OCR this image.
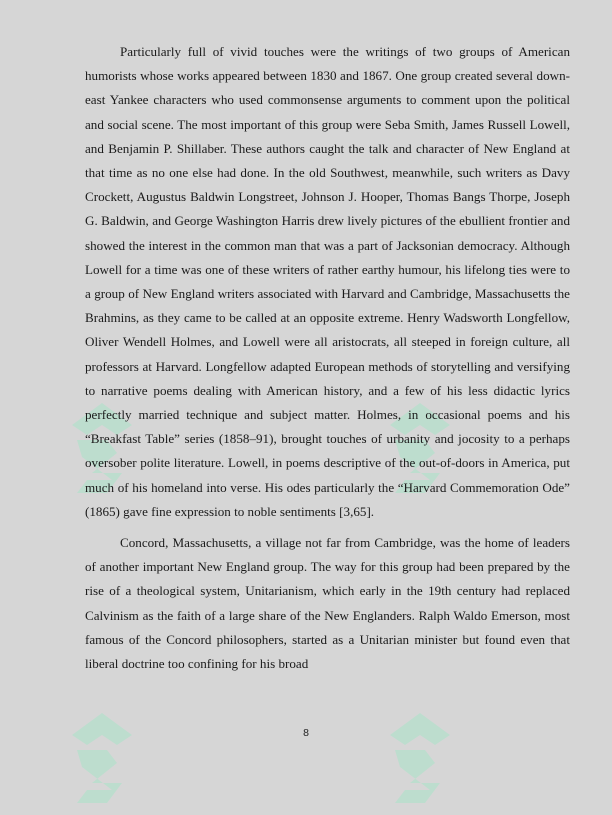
Particularly full of vivid touches were the writings of two groups of American humorists whose works appeared between 1830 and 1867. One group created several down-east Yankee characters who used commonsense arguments to comment upon the political and social scene. The most important of this group were Seba Smith, James Russell Lowell, and Benjamin P. Shillaber. These authors caught the talk and character of New England at that time as no one else had done. In the old Southwest, meanwhile, such writers as Davy Crockett, Augustus Baldwin Longstreet, Johnson J. Hooper, Thomas Bangs Thorpe, Joseph G. Baldwin, and George Washington Harris drew lively pictures of the ebullient frontier and showed the interest in the common man that was a part of Jacksonian democracy. Although Lowell for a time was one of these writers of rather earthy humour, his lifelong ties were to a group of New England writers associated with Harvard and Cambridge, Massachusetts the Brahmins, as they came to be called at an opposite extreme. Henry Wadsworth Longfellow, Oliver Wendell Holmes, and Lowell were all aristocrats, all steeped in foreign culture, all professors at Harvard. Longfellow adapted European methods of storytelling and versifying to narrative poems dealing with American history, and a few of his less didactic lyrics perfectly married technique and subject matter. Holmes, in occasional poems and his “Breakfast Table” series (1858–91), brought touches of urbanity and jocosity to a perhaps oversober polite literature. Lowell, in poems descriptive of the out-of-doors in America, put much of his homeland into verse. His odes particularly the “Harvard Commemoration Ode” (1865) gave fine expression to noble sentiments [3,65].

Concord, Massachusetts, a village not far from Cambridge, was the home of leaders of another important New England group. The way for this group had been prepared by the rise of a theological system, Unitarianism, which early in the 19th century had replaced Calvinism as the faith of a large share of the New Englanders. Ralph Waldo Emerson, most famous of the Concord philosophers, started as a Unitarian minister but found even that liberal doctrine too confining for his broad

8
